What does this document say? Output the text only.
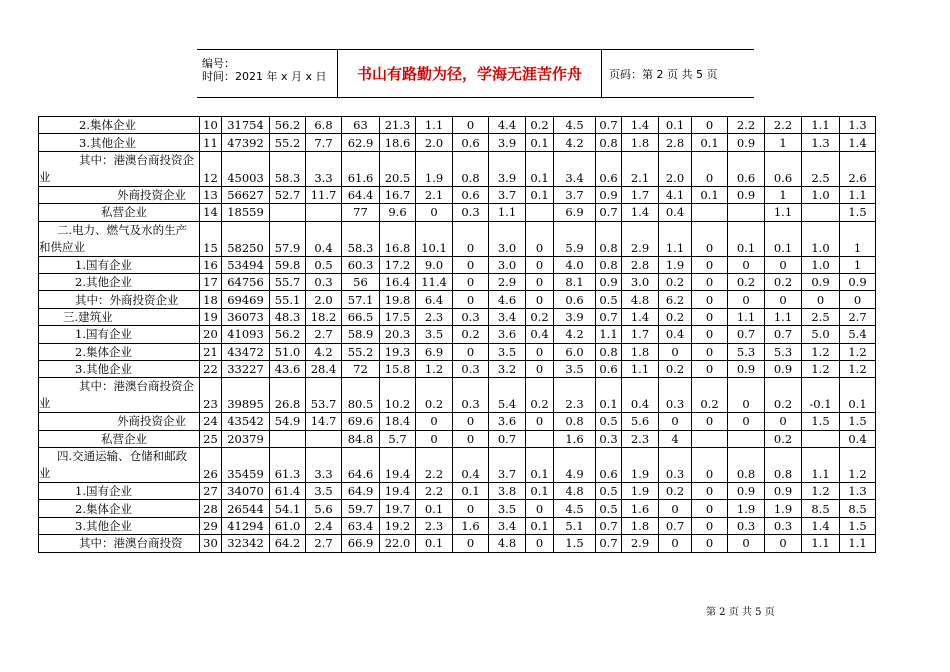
编号：
时间：2021 年 x 月 x 日	书山有路勤为径，学海无涯苦作舟	页码：第 2 页 共 5 页
2.集体企业	10	31754	56.2	6.8	63	21.3	1.1	0	4.4	0.2	4.5	0.7	1.4	0.1	0	2.2	2.2	1.1	1.3
3.其他企业	11	47392	55.2	7.7	62.9	18.6	2.0	0.6	3.9	0.1	4.2	0.8	1.8	2.8	0.1	0.9	1	1.3	1.4
其中：港澳台商投资企业	12	45003	58.3	3.3	61.6	20.5	1.9	0.8	3.9	0.1	3.4	0.6	2.1	2.0	0	0.6	0.6	2.5	2.6
外商投资企业	13	56627	52.7	11.7	64.4	16.7	2.1	0.6	3.7	0.1	3.7	0.9	1.7	4.1	0.1	0.9	1	1.0	1.1
私营企业	14	18559			77	9.6	0	0.3	1.1		6.9	0.7	1.4	0.4			1.1		1.5
二.电力、燃气及水的生产和供应业	15	58250	57.9	0.4	58.3	16.8	10.1	0	3.0	0	5.9	0.8	2.9	1.1	0	0.1	0.1	1.0	1
1.国有企业	16	53494	59.8	0.5	60.3	17.2	9.0	0	3.0	0	4.0	0.8	2.8	1.9	0	0	0	1.0	1
2.其他企业	17	64756	55.7	0.3	56	16.4	11.4	0	2.9	0	8.1	0.9	3.0	0.2	0	0.2	0.2	0.9	0.9
其中：外商投资企业	18	69469	55.1	2.0	57.1	19.8	6.4	0	4.6	0	0.6	0.5	4.8	6.2	0	0	0	0	0
三.建筑业	19	36073	48.3	18.2	66.5	17.5	2.3	0.3	3.4	0.2	3.9	0.7	1.4	0.2	0	1.1	1.1	2.5	2.7
1.国有企业	20	41093	56.2	2.7	58.9	20.3	3.5	0.2	3.6	0.4	4.2	1.1	1.7	0.4	0	0.7	0.7	5.0	5.4
2.集体企业	21	43472	51.0	4.2	55.2	19.3	6.9	0	3.5	0	6.0	0.8	1.8	0	0	5.3	5.3	1.2	1.2
3.其他企业	22	33227	43.6	28.4	72	15.8	1.2	0.3	3.2	0	3.5	0.6	1.1	0.2	0	0.9	0.9	1.2	1.2
其中：港澳台商投资企业	23	39895	26.8	53.7	80.5	10.2	0.2	0.3	5.4	0.2	2.3	0.1	0.4	0.3	0.2	0	0.2	-0.1	0.1
外商投资企业	24	43542	54.9	14.7	69.6	18.4	0	0	3.6	0	0.8	0.5	5.6	0	0	0	0	1.5	1.5
私营企业	25	20379			84.8	5.7	0	0	0.7		1.6	0.3	2.3	4			0.2		0.4
四.交通运输、仓储和邮政业	26	35459	61.3	3.3	64.6	19.4	2.2	0.4	3.7	0.1	4.9	0.6	1.9	0.3	0	0.8	0.8	1.1	1.2
1.国有企业	27	34070	61.4	3.5	64.9	19.4	2.2	0.1	3.8	0.1	4.8	0.5	1.9	0.2	0	0.9	0.9	1.2	1.3
2.集体企业	28	26544	54.1	5.6	59.7	19.7	0.1	0	3.5	0	4.5	0.5	1.6	0	0	1.9	1.9	8.5	8.5
3.其他企业	29	41294	61.0	2.4	63.4	19.2	2.3	1.6	3.4	0.1	5.1	0.7	1.8	0.7	0	0.3	0.3	1.4	1.5
其中：港澳台商投资	30	32342	64.2	2.7	66.9	22.0	0.1	0	4.8	0	1.5	0.7	2.9	0	0	0	0	1.1	1.1
第 2 页 共 5 页
